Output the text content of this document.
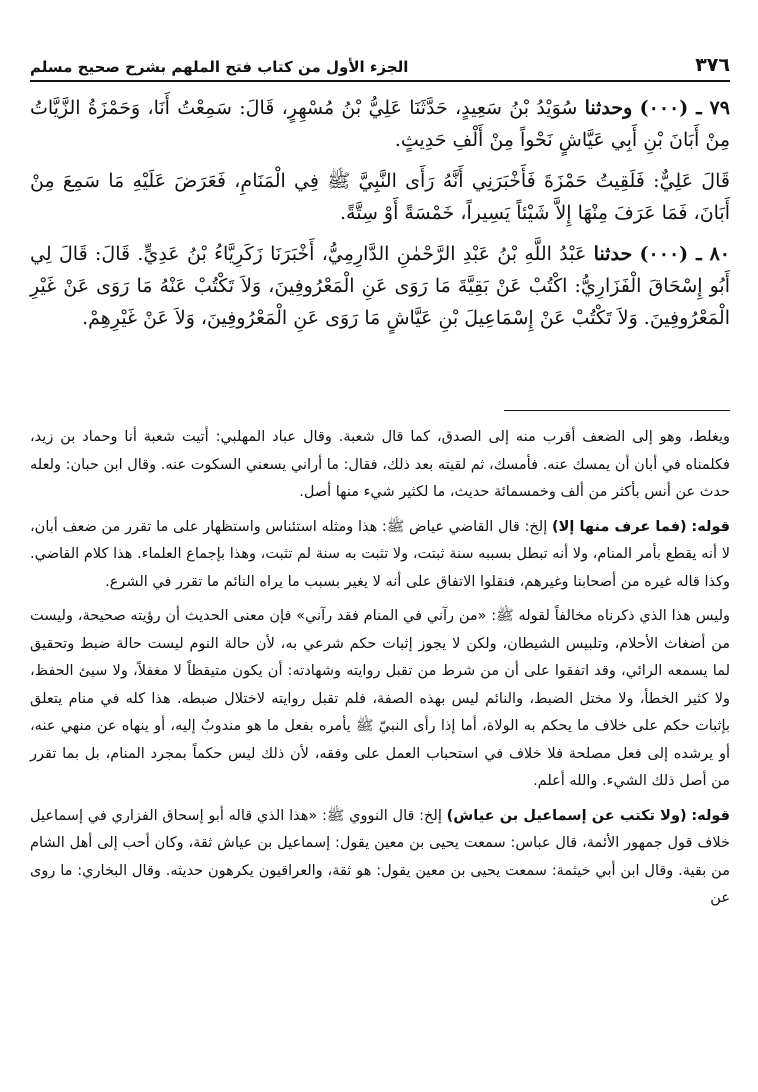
٣٧٦
الجزء الأول من كتاب فتح الملهم بشرح صحيح مسلم

٧٩ ـ (٠٠٠) وحدثنا سُوَيْدُ بْنُ سَعِيدٍ، حَدَّثَنَا عَلِيُّ بْنُ مُسْهِرٍ، قَالَ: سَمِعْتُ أَنَا، وَحَمْزَةُ الزَّيَّاتُ مِنْ أَبَانَ بْنِ أَبِي عَيَّاشٍ نَحْواً مِنْ أَلْفِ حَدِيثٍ.

قَالَ عَلِيٌّ: فَلَقِيتُ حَمْزَةَ فَأَخْبَرَنِي أَنَّهُ رَأَى النَّبِيَّ ﷺ فِي الْمَنَامِ، فَعَرَضَ عَلَيْهِ مَا سَمِعَ مِنْ أَبَانَ، فَمَا عَرَفَ مِنْهَا إِلاَّ شَيْئاً يَسِيراً، خَمْسَةً أَوْ سِتَّةً.

٨٠ ـ (٠٠٠) حدثنا عَبْدُ اللَّهِ بْنُ عَبْدِ الرَّحْمٰنِ الدَّارِمِيُّ، أَخْبَرَنَا زَكَرِيَّاءُ بْنُ عَدِيٍّ. قَالَ: قَالَ لِي أَبُو إِسْحَاقَ الْفَزَارِيُّ: اكْتُبْ عَنْ بَقِيَّةَ مَا رَوَى عَنِ الْمَعْرُوفِينَ، وَلاَ تَكْتُبْ عَنْهُ مَا رَوَى عَنْ غَيْرِ الْمَعْرُوفِينَ. وَلاَ تَكْتُبْ عَنْ إِسْمَاعِيلَ بْنِ عَيَّاشٍ مَا رَوَى عَنِ الْمَعْرُوفِينَ، وَلاَ عَنْ غَيْرِهِمْ.

ويغلط، وهو إلى الضعف أقرب منه إلى الصدق، كما قال شعبة. وقال عباد المهلبي: أتيت شعبة أنا وحماد بن زيد، فكلمناه في أبان أن يمسك عنه. فأمسك، ثم لقيته بعد ذلك، فقال: ما أراني يسعني السكوت عنه. وقال ابن حبان: ولعله حدث عن أنس بأكثر من ألف وخمسمائة حديث، ما لكثير شيء منها أصل.

قوله: (فما عرف منها إلا) إلخ: قال القاضي عياض ﷺ: هذا ومثله استئناس واستظهار على ما تقرر من ضعف أبان، لا أنه يقطع بأمر المنام، ولا أنه تبطل بسببه سنة ثبتت، ولا تثبت به سنة لم تثبت، وهذا بإجماع العلماء. هذا كلام القاضي. وكذا قاله غيره من أصحابنا وغيرهم، فنقلوا الاتفاق على أنه لا يغير بسبب ما يراه النائم ما تقرر في الشرع.

وليس هذا الذي ذكرناه مخالفاً لقوله ﷺ: «من رآني في المنام فقد رآني» فإن معنى الحديث أن رؤيته صحيحة، وليست من أضغاث الأحلام، وتلبيس الشيطان، ولكن لا يجوز إثبات حكم شرعي به، لأن حالة النوم ليست حالة ضبط وتحقيق لما يسمعه الرائي، وقد اتفقوا على أن من شرط من تقبل روايته وشهادته: أن يكون متيقظاً لا مغفلاً، ولا سيئ الحفظ، ولا كثير الخطأ، ولا مختل الضبط، والنائم ليس بهذه الصفة، فلم تقبل روايته لاختلال ضبطه. هذا كله في منام يتعلق بإثبات حكم على خلاف ما يحكم به الولاة، أما إذا رأى النبيّ ﷺ يأمره بفعل ما هو مندوبٌ إليه، أو ينهاه عن منهي عنه، أو يرشده إلى فعل مصلحة فلا خلاف في استحباب العمل على وفقه، لأن ذلك ليس حكماً بمجرد المنام، بل بما تقرر من أصل ذلك الشيء. والله أعلم.

قوله: (ولا تكتب عن إسماعيل بن عياش) إلخ: قال النووي ﷺ: «هذا الذي قاله أبو إسحاق الفزاري في إسماعيل خلاف قول جمهور الأئمة، قال عباس: سمعت يحيى بن معين يقول: إسماعيل بن عياش ثقة، وكان أحب إلى أهل الشام من بقية. وقال ابن أبي خيثمة: سمعت يحيى بن معين يقول: هو ثقة، والعراقيون يكرهون حديثه. وقال البخاري: ما روى عن
